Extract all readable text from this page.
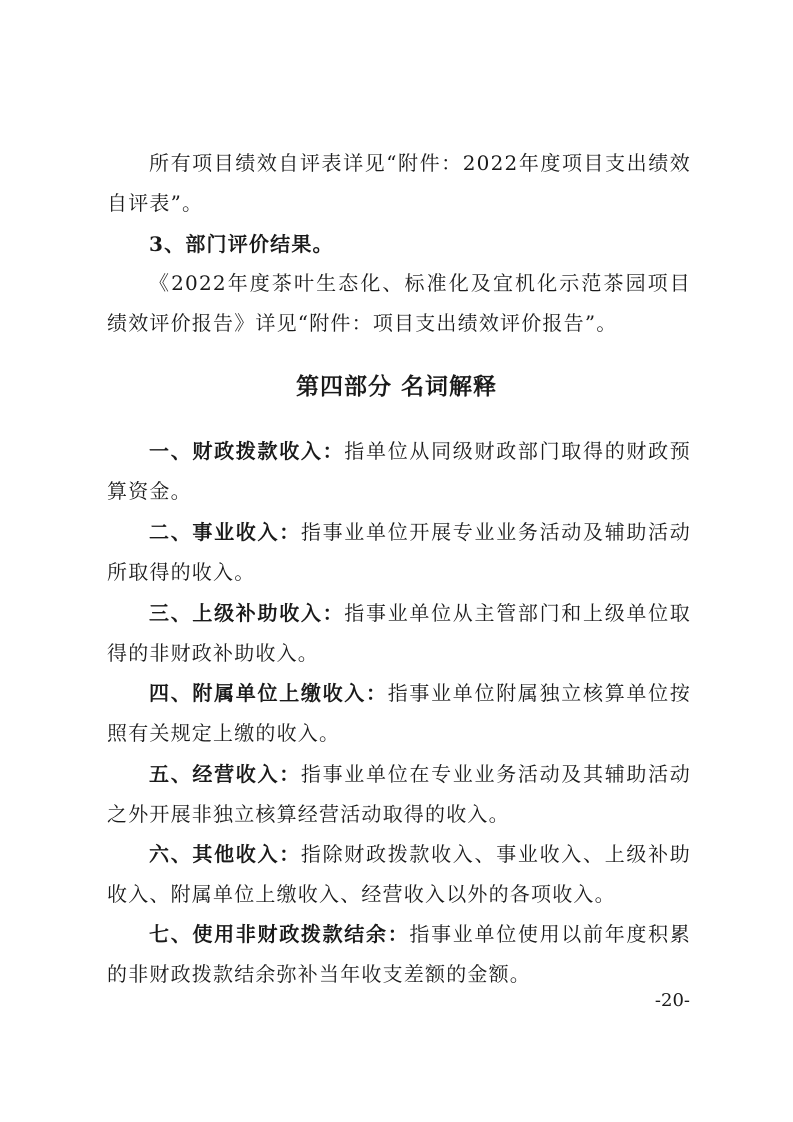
所有项目绩效自评表详见“附件：2022年度项目支出绩效自评表”。

3、部门评价结果。

《2022年度茶叶生态化、标准化及宜机化示范茶园项目绩效评价报告》详见“附件：项目支出绩效评价报告”。

第四部分 名词解释

一、财政拨款收入：指单位从同级财政部门取得的财政预算资金。

二、事业收入：指事业单位开展专业业务活动及辅助活动所取得的收入。

三、上级补助收入：指事业单位从主管部门和上级单位取得的非财政补助收入。

四、附属单位上缴收入：指事业单位附属独立核算单位按照有关规定上缴的收入。

五、经营收入：指事业单位在专业业务活动及其辅助活动之外开展非独立核算经营活动取得的收入。

六、其他收入：指除财政拨款收入、事业收入、上级补助收入、附属单位上缴收入、经营收入以外的各项收入。

七、使用非财政拨款结余：指事业单位使用以前年度积累的非财政拨款结余弥补当年收支差额的金额。

-20-
